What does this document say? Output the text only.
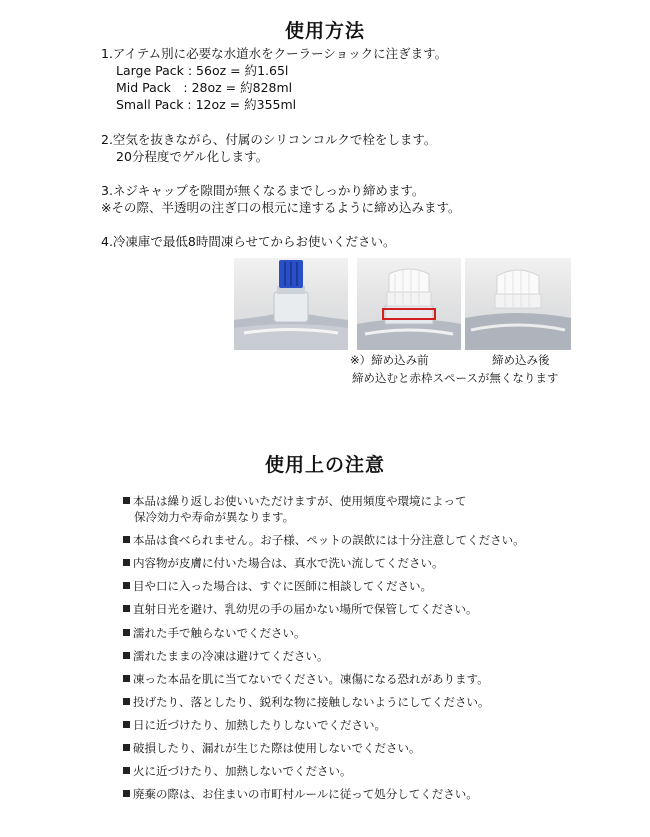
使用方法
1.アイテム別に必要な水道水をクーラーショックに注ぎます。
Large Pack : 56oz = 約1.65l
Mid Pack　: 28oz = 約828ml
Small Pack : 12oz = 約355ml
2.空気を抜きながら、付属のシリコンコルクで栓をします。
20分程度でゲル化します。
3.ネジキャップを隙間が無くなるまでしっかり締めます。
※その際、半透明の注ぎ口の根元に達するように締め込みます。
4.冷凍庫で最低8時間凍らせてからお使いください。
※）締め込み前	締め込み後
締め込むと赤枠スペースが無くなります
使用上の注意
本品は繰り返しお使いいただけますが、使用頻度や環境によって
保冷効力や寿命が異なります。
本品は食べられません。お子様、ペットの誤飲には十分注意してください。
内容物が皮膚に付いた場合は、真水で洗い流してください。
目や口に入った場合は、すぐに医師に相談してください。
直射日光を避け、乳幼児の手の届かない場所で保管してください。
濡れた手で触らないでください。
濡れたままの冷凍は避けてください。
凍った本品を肌に当てないでください。凍傷になる恐れがあります。
投げたり、落としたり、鋭利な物に接触しないようにしてください。
日に近づけたり、加熱したりしないでください。
破損したり、漏れが生じた際は使用しないでください。
火に近づけたり、加熱しないでください。
廃棄の際は、お住まいの市町村ルールに従って処分してください。
